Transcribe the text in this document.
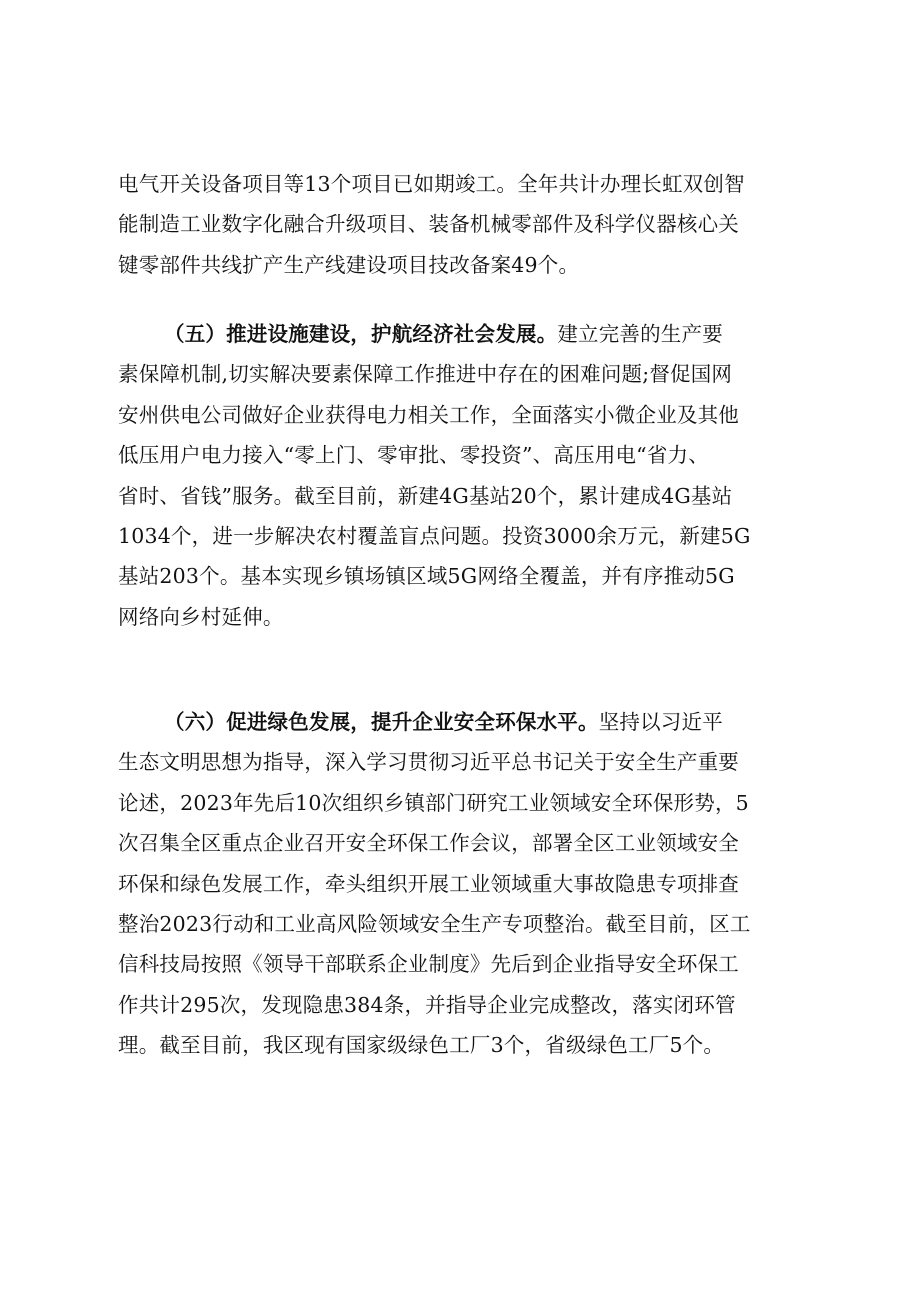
电气开关设备项目等13个项目已如期竣工。全年共计办理长虹双创智
能制造工业数字化融合升级项目、装备机械零部件及科学仪器核心关
键零部件共线扩产生产线建设项目技改备案49个。
（五）推进设施建设，护航经济社会发展。建立完善的生产要
素保障机制,切实解决要素保障工作推进中存在的困难问题;督促国网
安州供电公司做好企业获得电力相关工作，全面落实小微企业及其他
低压用户电力接入“零上门、零审批、零投资”、高压用电“省力、
省时、省钱”服务。截至目前，新建4G基站20个，累计建成4G基站
1034个，进一步解决农村覆盖盲点问题。投资3000余万元，新建5G
基站203个。基本实现乡镇场镇区域5G网络全覆盖，并有序推动5G
网络向乡村延伸。
（六）促进绿色发展，提升企业安全环保水平。坚持以习近平
生态文明思想为指导，深入学习贯彻习近平总书记关于安全生产重要
论述，2023年先后10次组织乡镇部门研究工业领域安全环保形势，5
次召集全区重点企业召开安全环保工作会议，部署全区工业领域安全
环保和绿色发展工作，牵头组织开展工业领域重大事故隐患专项排查
整治2023行动和工业高风险领域安全生产专项整治。截至目前，区工
信科技局按照《领导干部联系企业制度》先后到企业指导安全环保工
作共计295次，发现隐患384条，并指导企业完成整改，落实闭环管
理。截至目前，我区现有国家级绿色工厂3个，省级绿色工厂5个。
